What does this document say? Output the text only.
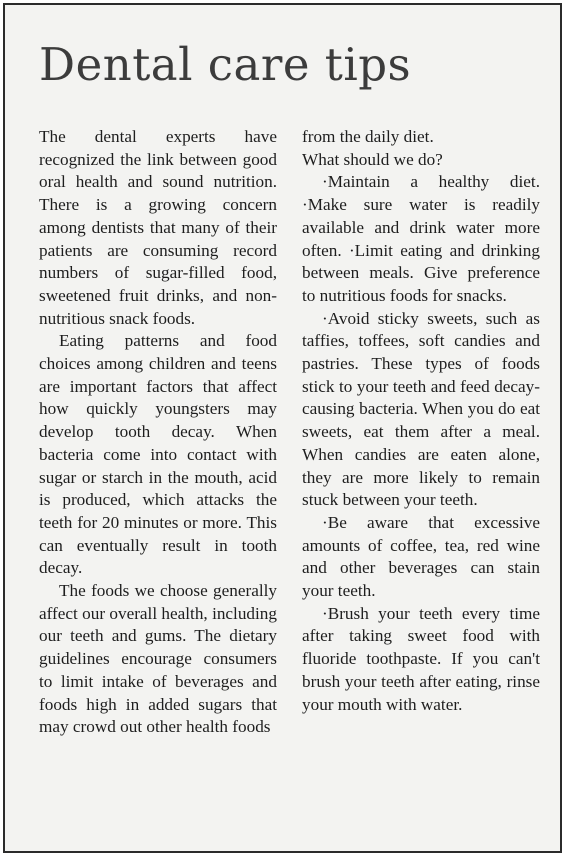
Dental care tips

The dental experts have recognized the link between good oral health and sound nutrition. There is a growing concern among dentists that many of their patients are consuming record numbers of sugar-filled food, sweetened fruit drinks, and nonnutritious snack foods.

Eating patterns and food choices among children and teens are important factors that affect how quickly youngsters may develop tooth decay. When bacteria come into contact with sugar or starch in the mouth, acid is produced, which attacks the teeth for 20 minutes or more. This can eventually result in tooth decay.

The foods we choose generally affect our overall health, including our teeth and gums. The dietary guidelines encourage consumers to limit intake of beverages and foods high in added sugars that may crowd out other health foods

from the daily diet.

What should we do?

·Maintain a healthy diet. ·Make sure water is readily available and drink water more often. ·Limit eating and drinking between meals. Give preference to nutritious foods for snacks.

·Avoid sticky sweets, such as taffies, toffees, soft candies and pastries. These types of foods stick to your teeth and feed decay-causing bacteria. When you do eat sweets, eat them after a meal. When candies are eaten alone, they are more likely to remain stuck between your teeth.

·Be aware that excessive amounts of coffee, tea, red wine and other beverages can stain your teeth.

·Brush your teeth every time after taking sweet food with fluoride toothpaste. If you can't brush your teeth after eating, rinse your mouth with water.
